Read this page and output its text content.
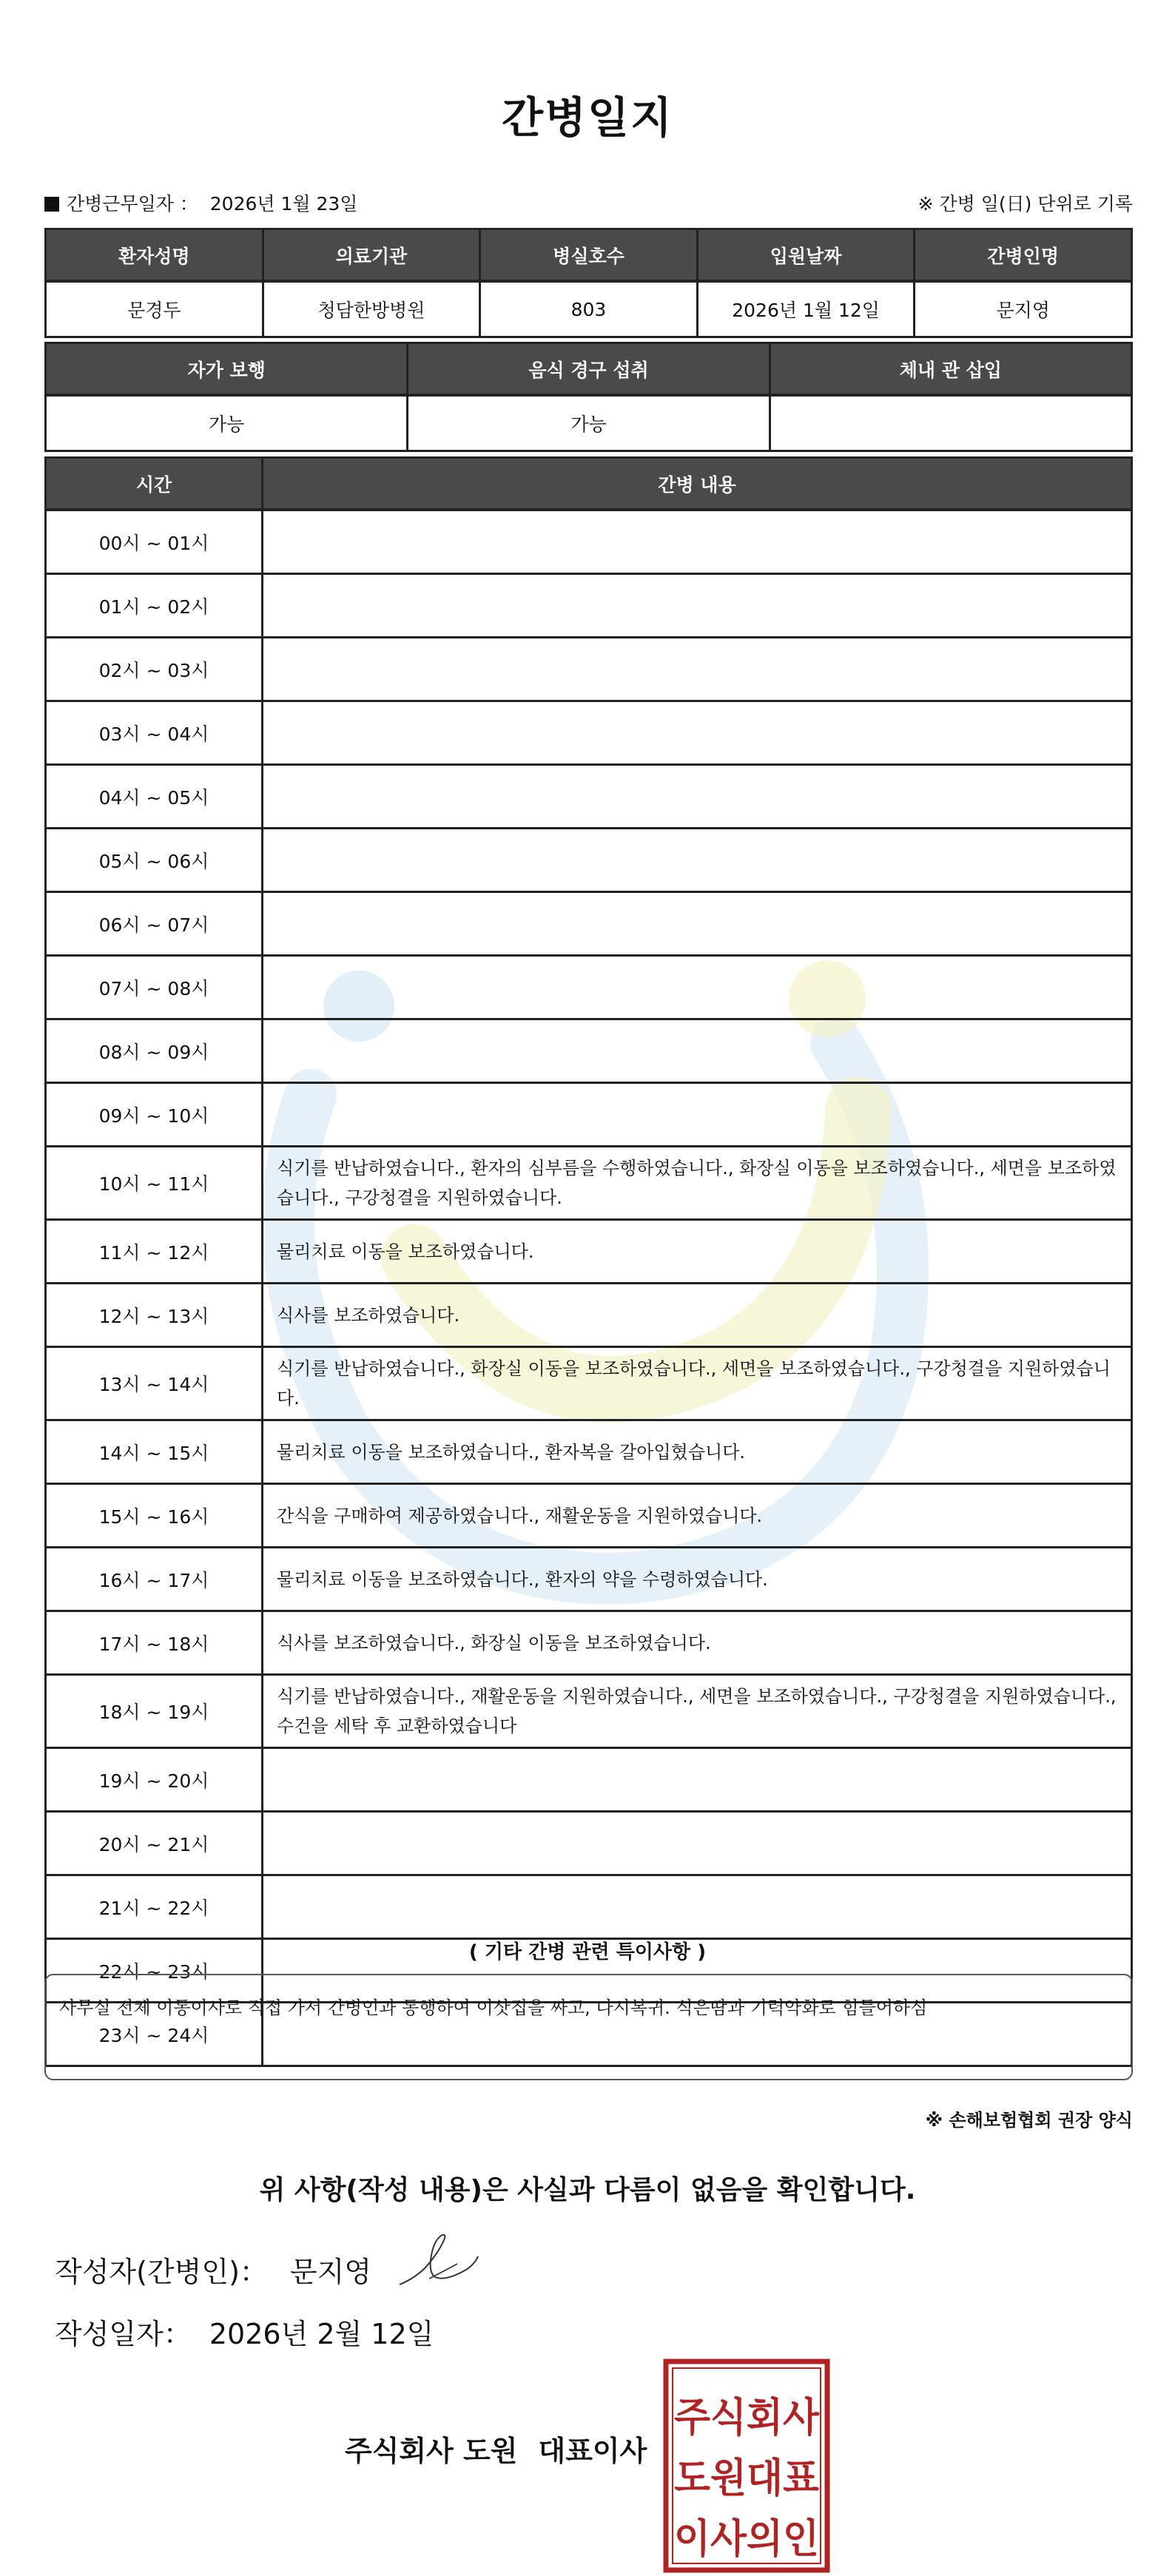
간병일지
간병근무일자 ： 2026년 1월 23일	※ 간병 일(日) 단위로 기록
환자성명	의료기관	병실호수	입원날짜	간병인명
문경두	청담한방병원	803	2026년 1월 12일	문지영
자가 보행	음식 경구 섭취	체내 관 삽입
가능	가능	
시간	간병 내용
00시 ~ 01시	
01시 ~ 02시	
02시 ~ 03시	
03시 ~ 04시	
04시 ~ 05시	
05시 ~ 06시	
06시 ~ 07시	
07시 ~ 08시	
08시 ~ 09시	
09시 ~ 10시	
10시 ~ 11시	식기를 반납하였습니다., 환자의 심부름을 수행하였습니다., 화장실 이동을 보조하였습니다., 세면을 보조하였습니다., 구강청결을 지원하였습니다.
11시 ~ 12시	물리치료 이동을 보조하였습니다.
12시 ~ 13시	식사를 보조하였습니다.
13시 ~ 14시	식기를 반납하였습니다., 화장실 이동을 보조하였습니다., 세면을 보조하였습니다., 구강청결을 지원하였습니다.
14시 ~ 15시	물리치료 이동을 보조하였습니다., 환자복을 갈아입혔습니다.
15시 ~ 16시	간식을 구매하여 제공하였습니다., 재활운동을 지원하였습니다.
16시 ~ 17시	물리치료 이동을 보조하였습니다., 환자의 약을 수령하였습니다.
17시 ~ 18시	식사를 보조하였습니다., 화장실 이동을 보조하였습니다.
18시 ~ 19시	식기를 반납하였습니다., 재활운동을 지원하였습니다., 세면을 보조하였습니다., 구강청결을 지원하였습니다., 수건을 세탁 후 교환하였습니다
19시 ~ 20시	
20시 ~ 21시	
21시 ~ 22시	
22시 ~ 23시	
23시 ~ 24시	
( 기타 간병 관련 특이사항 )
사무실 전체 이동이사로 직접 가서 간병인과 동행하여 이삿집을 싸고, 다시복귀. 식은땀과 기력약화로 힘들어하심
※ 손해보험협회 권장 양식
위 사항(작성 내용)은 사실과 다름이 없음을 확인합니다.
작성자(간병인)： 문지영
작성일자： 2026년 2월 12일
주식회사 도원 대표이사
주식회사
도원대표
이사의인
